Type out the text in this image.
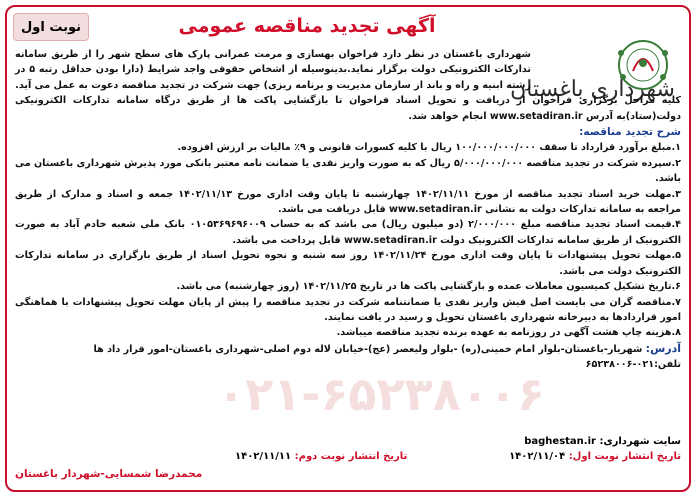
۰۲۱-۶۵۲۳۸۰۰۶
نوبت اول	آگهی تجدید مناقصه عمومی
شهرداری باغستان
شهرداری باغستان در نظر دارد فراخوان بهسازی و مرمت عمرانی پارک های سطح شهر را از طریق سامانه تدارکات الکترونیکی دولت برگزار نماید.بدینوسیله از اشخاص حقوقی واجد شرایط (دارا بودن حداقل رتبه ۵ در رشته ابنیه و راه و باند از سازمان مدیریت و برنامه ریزی) جهت شرکت در تجدید مناقصه دعوت به عمل می آید.
کلیه مراحل برگزاری فراخوان از دریافت و تحویل اسناد فراخوان تا بازگشایی پاکت ها از طریق درگاه سامانه تدارکات الکترونیکی دولت(ستاد)به آدرس www.setadiran.ir انجام خواهد شد.
شرح تجدید مناقصه:
۱.مبلغ برآورد قرارداد تا سقف ۱۰۰/۰۰۰/۰۰۰/۰۰۰ ریال با کلیه کسورات قانونی و ۹٪ مالیات بر ارزش افزوده.
۲.سپرده شرکت در تجدید مناقصه ۵/۰۰۰/۰۰۰/۰۰۰ ریال که به صورت واریز نقدی یا ضمانت نامه معتبر بانکی مورد پذیرش شهرداری باغستان می باشد.
۳.مهلت خرید اسناد تجدید مناقصه از مورخ ۱۴۰۲/۱۱/۱۱ چهارشنبه تا پایان وقت اداری مورخ ۱۴۰۲/۱۱/۱۳ جمعه و اسناد و مدارک از طریق مراجعه به سامانه تدارکات دولت به نشانی www.setadiran.ir قابل دریافت می باشد.
۴.قیمت اسناد تجدید مناقصه مبلغ ۲/۰۰۰/۰۰۰ (دو میلیون ریال) می باشد که به حساب ۰۱۰۵۳۶۹۶۹۶۰۰۹ بانک ملی شعبه خادم آباد به صورت الکترونیک از طریق سامانه تدارکات الکترونیک دولت www.setadiran.ir قابل پرداخت می باشد.
۵.مهلت تحویل پیشنهادات تا پایان وقت اداری مورخ ۱۴۰۲/۱۱/۲۴ روز سه شنبه و نحوه تحویل اسناد از طریق بارگزاری در سامانه تدارکات الکترونیک دولت می باشد.
۶.تاریخ تشکیل کمیسیون معاملات عمده و بازگشایی پاکت ها در تاریخ ۱۴۰۲/۱۱/۲۵ (روز چهارشنبه) می باشد.
۷.مناقصه گران می بایست اصل فیش واریز نقدی یا ضمانتنامه شرکت در تجدید مناقصه را پیش از پایان مهلت تحویل پیشنهادات با هماهنگی امور قراردادها به دبیرخانه شهرداری باغستان تحویل و رسید در یافت نمایند.
۸.هزینه چاپ هشت آگهی در روزنامه به عهده برنده تجدید مناقصه میباشد.
آدرس: شهریار-باغستان-بلوار امام خمینی(ره) -بلوار ولیعصر (عج)-خیابان لاله دوم اصلی-شهرداری باغستان-امور قرار داد ها
تلفن:۰۲۱-۶۵۲۳۸۰۰۶
سایت شهرداری: baghestan.ir
تاریخ انتشار نوبت اول: ۱۴۰۲/۱۱/۰۴
تاریخ انتشار نوبت دوم: ۱۴۰۲/۱۱/۱۱
محمدرضا شمسایی-شهردار باغستان
